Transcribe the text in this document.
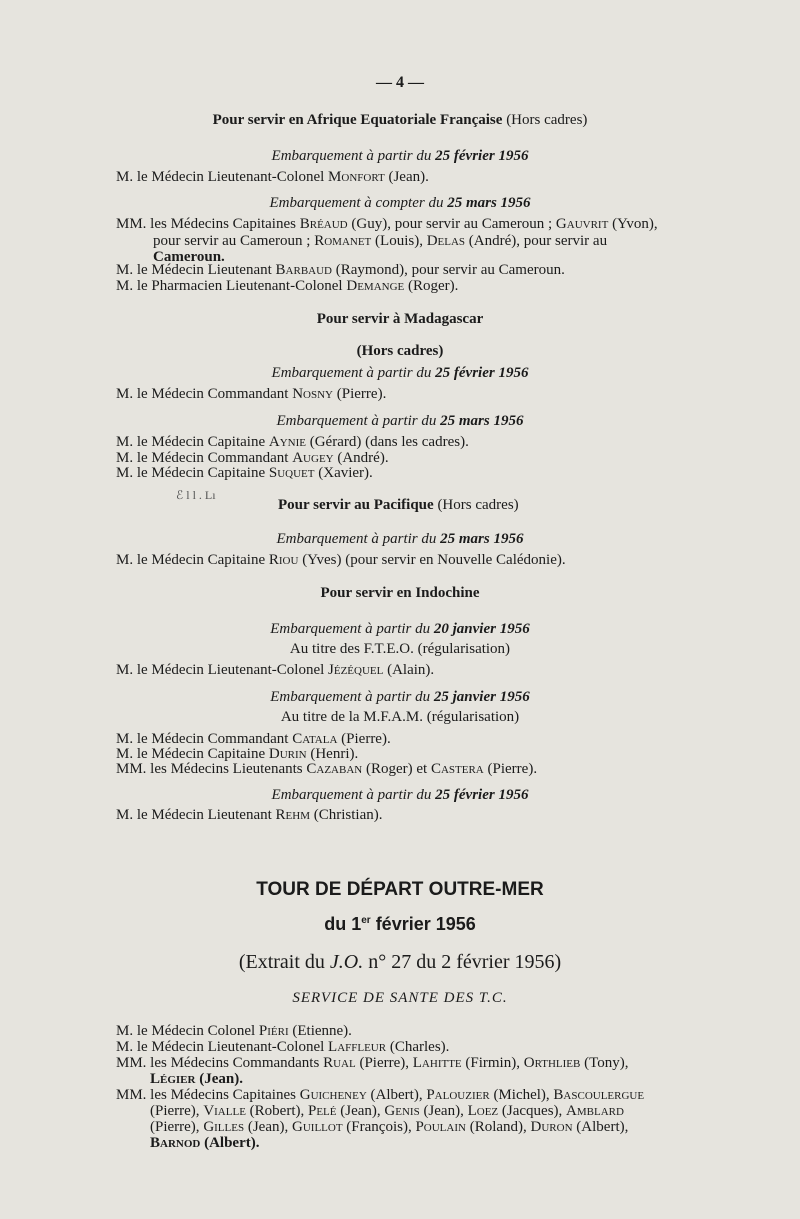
— 4 —
Pour servir en Afrique Equatoriale Française (Hors cadres)
Embarquement à partir du 25 février 1956
M. le Médecin Lieutenant-Colonel Monfort (Jean).
Embarquement à compter du 25 mars 1956
MM. les Médecins Capitaines Bréaud (Guy), pour servir au Cameroun ; Gauvrit (Yvon),
pour servir au Cameroun ; Romanet (Louis), Delas (André), pour servir au
Cameroun.
M. le Médecin Lieutenant Barbaud (Raymond), pour servir au Cameroun.
M. le Pharmacien Lieutenant-Colonel Demange (Roger).
Pour servir à Madagascar
(Hors cadres)
Embarquement à partir du 25 février 1956
M. le Médecin Commandant Nosny (Pierre).
Embarquement à partir du 25 mars 1956
M. le Médecin Capitaine Aynie (Gérard) (dans les cadres).
M. le Médecin Commandant Augey (André).
M. le Médecin Capitaine Suquet (Xavier).
ℰ l l . Lı
Pour servir au Pacifique (Hors cadres)
Embarquement à partir du 25 mars 1956
M. le Médecin Capitaine Riou (Yves) (pour servir en Nouvelle Calédonie).
Pour servir en Indochine
Embarquement à partir du 20 janvier 1956
Au titre des F.T.E.O. (régularisation)
M. le Médecin Lieutenant-Colonel Jézéquel (Alain).
Embarquement à partir du 25 janvier 1956
Au titre de la M.F.A.M. (régularisation)
M. le Médecin Commandant Catala (Pierre).
M. le Médecin Capitaine Durin (Henri).
MM. les Médecins Lieutenants Cazaban (Roger) et Castera (Pierre).
Embarquement à partir du 25 février 1956
M. le Médecin Lieutenant Rehm (Christian).
TOUR DE DÉPART OUTRE-MER
du 1er février 1956
(Extrait du J.O. n° 27 du 2 février 1956)
SERVICE DE SANTE DES T.C.
M. le Médecin Colonel Piéri (Etienne).
M. le Médecin Lieutenant-Colonel Laffleur (Charles).
MM. les Médecins Commandants Rual (Pierre), Lahitte (Firmin), Orthlieb (Tony),
Légier (Jean).
MM. les Médecins Capitaines Guicheney (Albert), Palouzier (Michel), Bascoulergue
(Pierre), Vialle (Robert), Pelé (Jean), Genis (Jean), Loez (Jacques), Amblard
(Pierre), Gilles (Jean), Guillot (François), Poulain (Roland), Duron (Albert),
Barnod (Albert).
